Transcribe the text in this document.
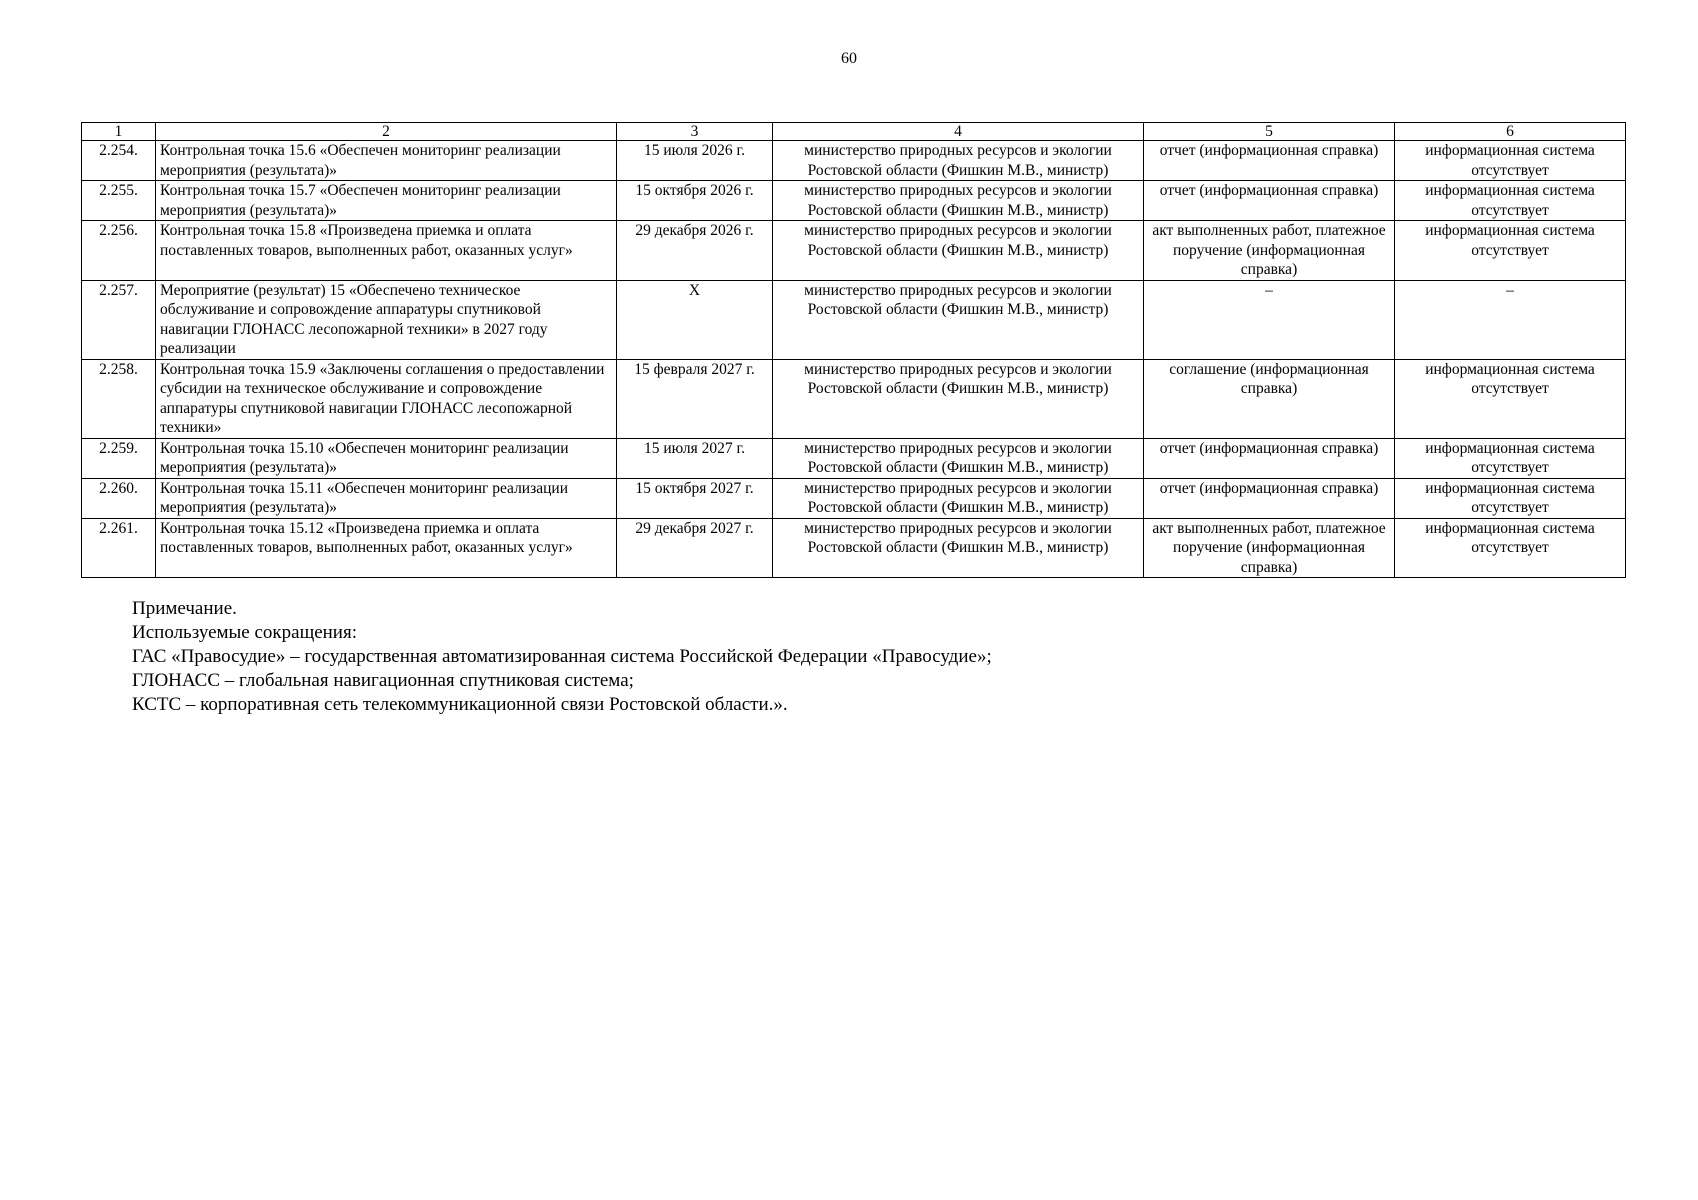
60
1	2	3	4	5	6
2.254.	Контрольная точка 15.6 «Обеспечен мониторинг реализации мероприятия (результата)»	15 июля 2026 г.	министерство природных ресурсов и экологии Ростовской области (Фишкин М.В., министр)	отчет (информационная справка)	информационная система отсутствует
2.255.	Контрольная точка 15.7 «Обеспечен мониторинг реализации мероприятия (результата)»	15 октября 2026 г.	министерство природных ресурсов и экологии Ростовской области (Фишкин М.В., министр)	отчет (информационная справка)	информационная система отсутствует
2.256.	Контрольная точка 15.8 «Произведена приемка и оплата поставленных товаров, выполненных работ, оказанных услуг»	29 декабря 2026 г.	министерство природных ресурсов и экологии Ростовской области (Фишкин М.В., министр)	акт выполненных работ, платежное поручение (информационная справка)	информационная система отсутствует
2.257.	Мероприятие (результат) 15 «Обеспечено техническое обслуживание и сопровождение аппаратуры спутниковой навигации ГЛОНАСС лесопожарной техники» в 2027 году реализации	Х	министерство природных ресурсов и экологии Ростовской области (Фишкин М.В., министр)	–	–
2.258.	Контрольная точка 15.9 «Заключены соглашения о предоставлении субсидии на техническое обслуживание и сопровождение аппаратуры спутниковой навигации ГЛОНАСС лесопожарной техники»	15 февраля 2027 г.	министерство природных ресурсов и экологии Ростовской области (Фишкин М.В., министр)	соглашение (информационная справка)	информационная система отсутствует
2.259.	Контрольная точка 15.10 «Обеспечен мониторинг реализации мероприятия (результата)»	15 июля 2027 г.	министерство природных ресурсов и экологии Ростовской области (Фишкин М.В., министр)	отчет (информационная справка)	информационная система отсутствует
2.260.	Контрольная точка 15.11 «Обеспечен мониторинг реализации мероприятия (результата)»	15 октября 2027 г.	министерство природных ресурсов и экологии Ростовской области (Фишкин М.В., министр)	отчет (информационная справка)	информационная система отсутствует
2.261.	Контрольная точка 15.12 «Произведена приемка и оплата поставленных товаров, выполненных работ, оказанных услуг»	29 декабря 2027 г.	министерство природных ресурсов и экологии Ростовской области (Фишкин М.В., министр)	акт выполненных работ, платежное поручение (информационная справка)	информационная система отсутствует
Примечание.
Используемые сокращения:
ГАС «Правосудие» – государственная автоматизированная система Российской Федерации «Правосудие»;
ГЛОНАСС – глобальная навигационная спутниковая система;
КСТС – корпоративная сеть телекоммуникационной связи Ростовской области.».
